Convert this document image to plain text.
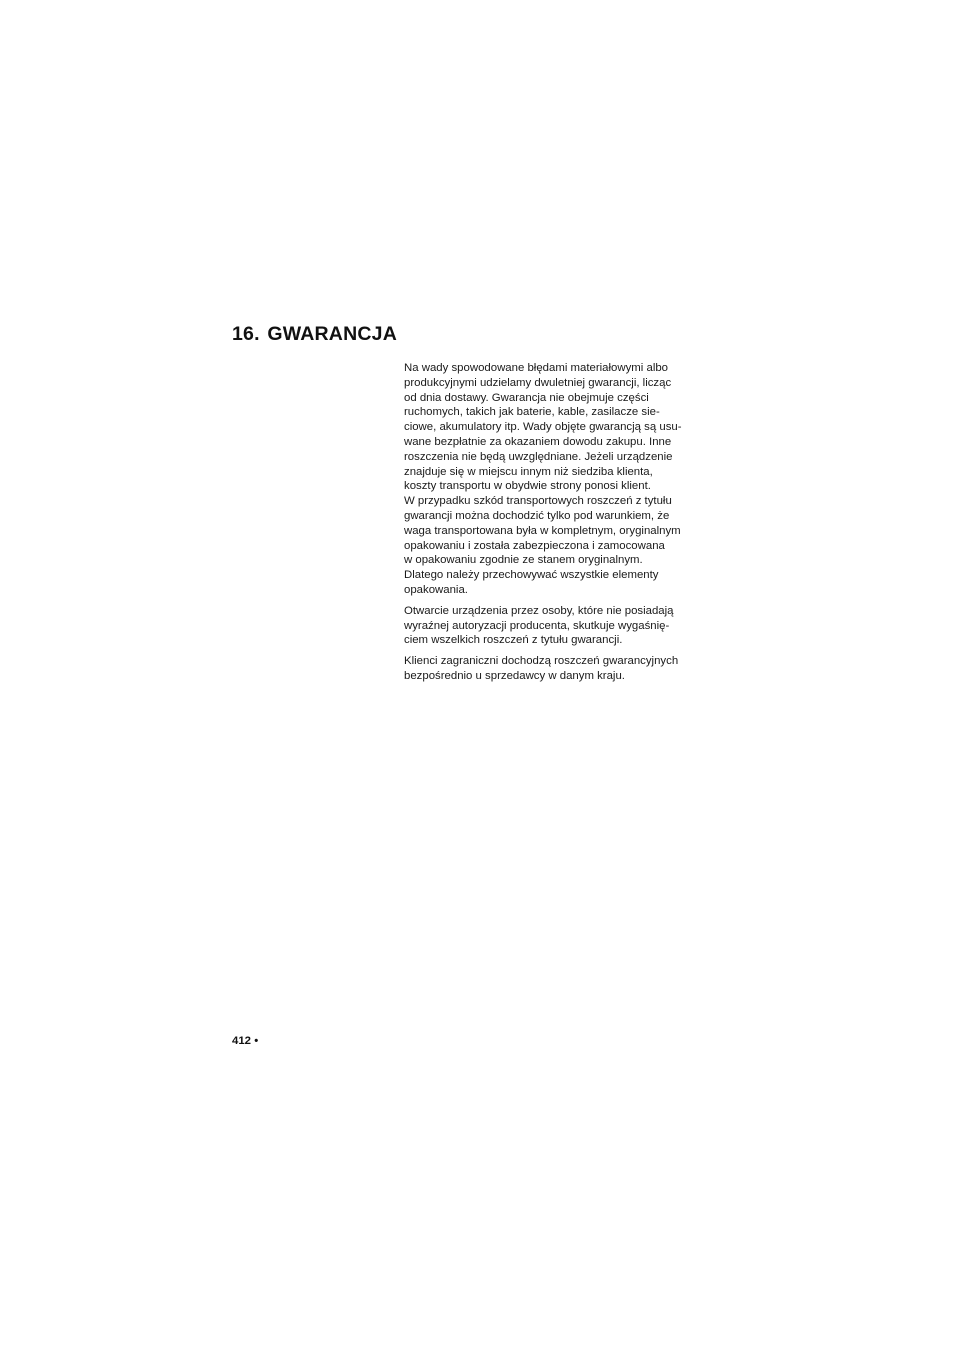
16. GWARANCJA

Na wady spowodowane błędami materiałowymi albo
produkcyjnymi udzielamy dwuletniej gwarancji, licząc
od dnia dostawy. Gwarancja nie obejmuje części
ruchomych, takich jak baterie, kable, zasilacze sie-
ciowe, akumulatory itp. Wady objęte gwarancją są usu-
wane bezpłatnie za okazaniem dowodu zakupu. Inne
roszczenia nie będą uwzględniane. Jeżeli urządzenie
znajduje się w miejscu innym niż siedziba klienta,
koszty transportu w obydwie strony ponosi klient.
W przypadku szkód transportowych roszczeń z tytułu
gwarancji można dochodzić tylko pod warunkiem, że
waga transportowana była w kompletnym, oryginalnym
opakowaniu i została zabezpieczona i zamocowana
w opakowaniu zgodnie ze stanem oryginalnym.
Dlatego należy przechowywać wszystkie elementy
opakowania.

Otwarcie urządzenia przez osoby, które nie posiadają
wyraźnej autoryzacji producenta, skutkuje wygaśnię-
ciem wszelkich roszczeń z tytułu gwarancji.

Klienci zagraniczni dochodzą roszczeń gwarancyjnych
bezpośrednio u sprzedawcy w danym kraju.

412 •
